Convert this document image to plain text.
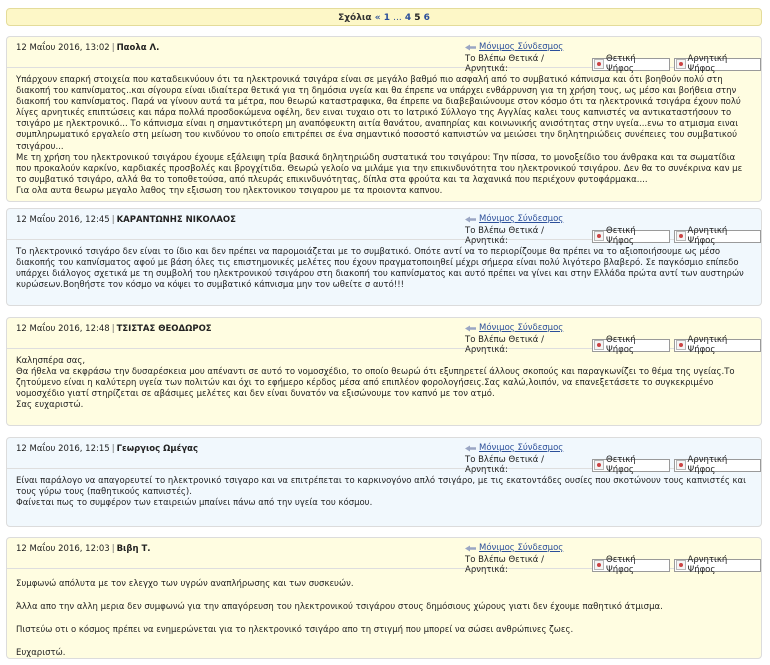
Σχόλια « 1 ... 4 5 6
12 Μαΐου 2016, 13:02 | Παολα Λ.	Μόνιμος Σύνδεσμος
Το Βλέπω Θετικά / Αρνητικά:
Θετική Ψήφος
Αρνητική Ψήφος

Υπάρχουν επαρκή στοιχεία που καταδεικνύουν ότι τα ηλεκτρονικά τσιγάρα είναι σε μεγάλο βαθμό πιο ασφαλή από το συμβατικό κάπνισμα και ότι βοηθούν πολύ στη διακοπή του καπνίσματος..και σίγουρα είναι ιδιαίτερα θετικά για τη δημόσια υγεία και θα έπρεπε να υπάρχει ενθάρρυνση για τη χρήση τους, ως μέσο και βοήθεια στην διακοπή του καπνίσματος. Παρά να γίνουν αυτά τα μέτρα, που θεωρώ καταστραφικα, θα έπρεπε να διαβεβαιώνουμε στον κόσμο ότι τα ηλεκτρονικά τσιγάρα έχουν πολύ λίγες αρνητικές επιπτώσεις και πάρα πολλά προσδοκώμενα οφέλη, δεν ειναι τυχαιο οτι το Ιατρικό Σύλλογο της Αγγλίας καλει τους καπνιστές να αντικαταστήσουν το τσιγάρο με ηλεκτρονικό... Το κάπνισμα είναι η σημαντικότερη μη αναπόφευκτη αιτία θανάτου, αναπηρίας και κοινωνικής ανισότητας στην υγεία...ενω το ατμισμα ειναι συμπληρωματικό εργαλείο στη μείωση του κινδύνου το οποίο επιτρέπει σε ένα σημαντικό ποσοστό καπνιστών να μειώσει την δηλητηριώδεις συνέπειες του συμβατικού τσιγάρου...
Με τη χρήση του ηλεκτρονικού τσιγάρου έχουμε εξάλειψη τρία βασικά δηλητηριώδη συστατικά του τσιγάρου: Την πίσσα, το μονοξείδιο του άνθρακα και τα σωματίδια που προκαλούν καρκίνο, καρδιακές προσβολές και βρογχίτιδα. Θεωρώ γελοίο να μιλάμε για την επικινδυνότητα του ηλεκτρονικού τσιγάρου. Δεν θα το συνέκρινα καν με το συμβατικό τσιγάρο, αλλά θα το τοποθετούσα, από πλευράς επικινδυνότητας, δίπλα στα φρούτα και τα λαχανικά που περιέχουν φυτοφάρμακα....
Για ολα αυτα θεωρω μεγαλο λαθος την εξισωση του ηλεκτονικου τσιγαρου με τα προιοντα καπνου.

12 Μαΐου 2016, 12:45 | ΚΑΡΑΝΤΩΝΗΣ ΝΙΚΟΛΑΟΣ	Μόνιμος Σύνδεσμος
Το Βλέπω Θετικά / Αρνητικά:
Θετική Ψήφος
Αρνητική Ψήφος

Το ηλεκτρονικό τσιγάρο δεν είναι το ίδιο και δεν πρέπει να παρομοιάζεται με το συμβατικό. Οπότε αντί να το περιορίζουμε θα πρέπει να το αξιοποιήσουμε ως μέσο διακοπής του καπνίσματος αφού με βάση όλες τις επιστημονικές μελέτες που έχουν πραγματοποιηθεί μέχρι σήμερα είναι πολύ λιγότερο βλαβερό. Σε παγκόσμιο επίπεδο υπάρχει διάλογος σχετικά με τη συμβολή του ηλεκτρονικού τσιγάρου στη διακοπή του καπνίσματος και αυτό πρέπει να γίνει και στην Ελλάδα πρώτα αντί των αυστηρών κυρώσεων.Βοηθήστε τον κόσμο να κόψει το συμβατικό κάπνισμα μην τον ωθείτε σ αυτό!!!

12 Μαΐου 2016, 12:48 | ΤΣΙΣΤΑΣ ΘΕΟΔΩΡΟΣ	Μόνιμος Σύνδεσμος
Το Βλέπω Θετικά / Αρνητικά:
Θετική Ψήφος
Αρνητική Ψήφος

Καλησπέρα σας,
Θα ήθελα να εκφράσω την δυσαρέσκεια μου απέναντι σε αυτό το νομοσχέδιο, το οποίο θεωρώ ότι εξυπηρετεί άλλους σκοπούς και παραγκωνίζει το θέμα της υγείας.Το ζητούμενο είναι η καλύτερη υγεία των πολιτών και όχι το εφήμερο κέρδος μέσα από επιπλέον φορολογήσεις.Σας καλώ,λοιπόν, να επανεξετάσετε το συγκεκριμένο νομοσχέδιο γιατί στηρίζεται σε αβάσιμες μελέτες και δεν είναι δυνατόν να εξισώνουμε τον καπνό με τον ατμό.
Σας ευχαριστώ.

12 Μαΐου 2016, 12:15 | Γεωργιος Ωμέγας	Μόνιμος Σύνδεσμος
Το Βλέπω Θετικά / Αρνητικά:
Θετική Ψήφος
Αρνητική Ψήφος

Είναι παράλογο να απαγορευτεί το ηλεκτρονικό τσιγαρο και να επιτρέπεται το καρκινογόνο απλό τσιγάρο, με τις εκατοντάδες ουσίες που σκοτώνουν τους καπνιστές και τους γύρω τους (παθητικούς καπνιστές).
Φαίνεται πως το συμφέρον των εταιρειών μπαίνει πάνω από την υγεία του κόσμου.

12 Μαΐου 2016, 12:03 | Βιβη Τ.	Μόνιμος Σύνδεσμος
Το Βλέπω Θετικά / Αρνητικά:
Θετική Ψήφος
Αρνητική Ψήφος

Συμφωνώ απόλυτα με τον ελεγχο των υγρών αναπλήρωσης και των συσκευών.

Άλλα απο την αλλη μερια δεν συμφωνώ για την απαγόρευση του ηλεκτρονικού τσιγάρου στους δημόσιους χώρους γιατι δεν έχουμε παθητικό άτμισμα.

Πιστεύω οτι ο κόσμος πρέπει να ενημερώνεται για το ηλεκτρονικό τσιγάρο απο τη στιγμή που μπορεί να σώσει ανθρώπινες ζωες.

Ευχαριστώ.
